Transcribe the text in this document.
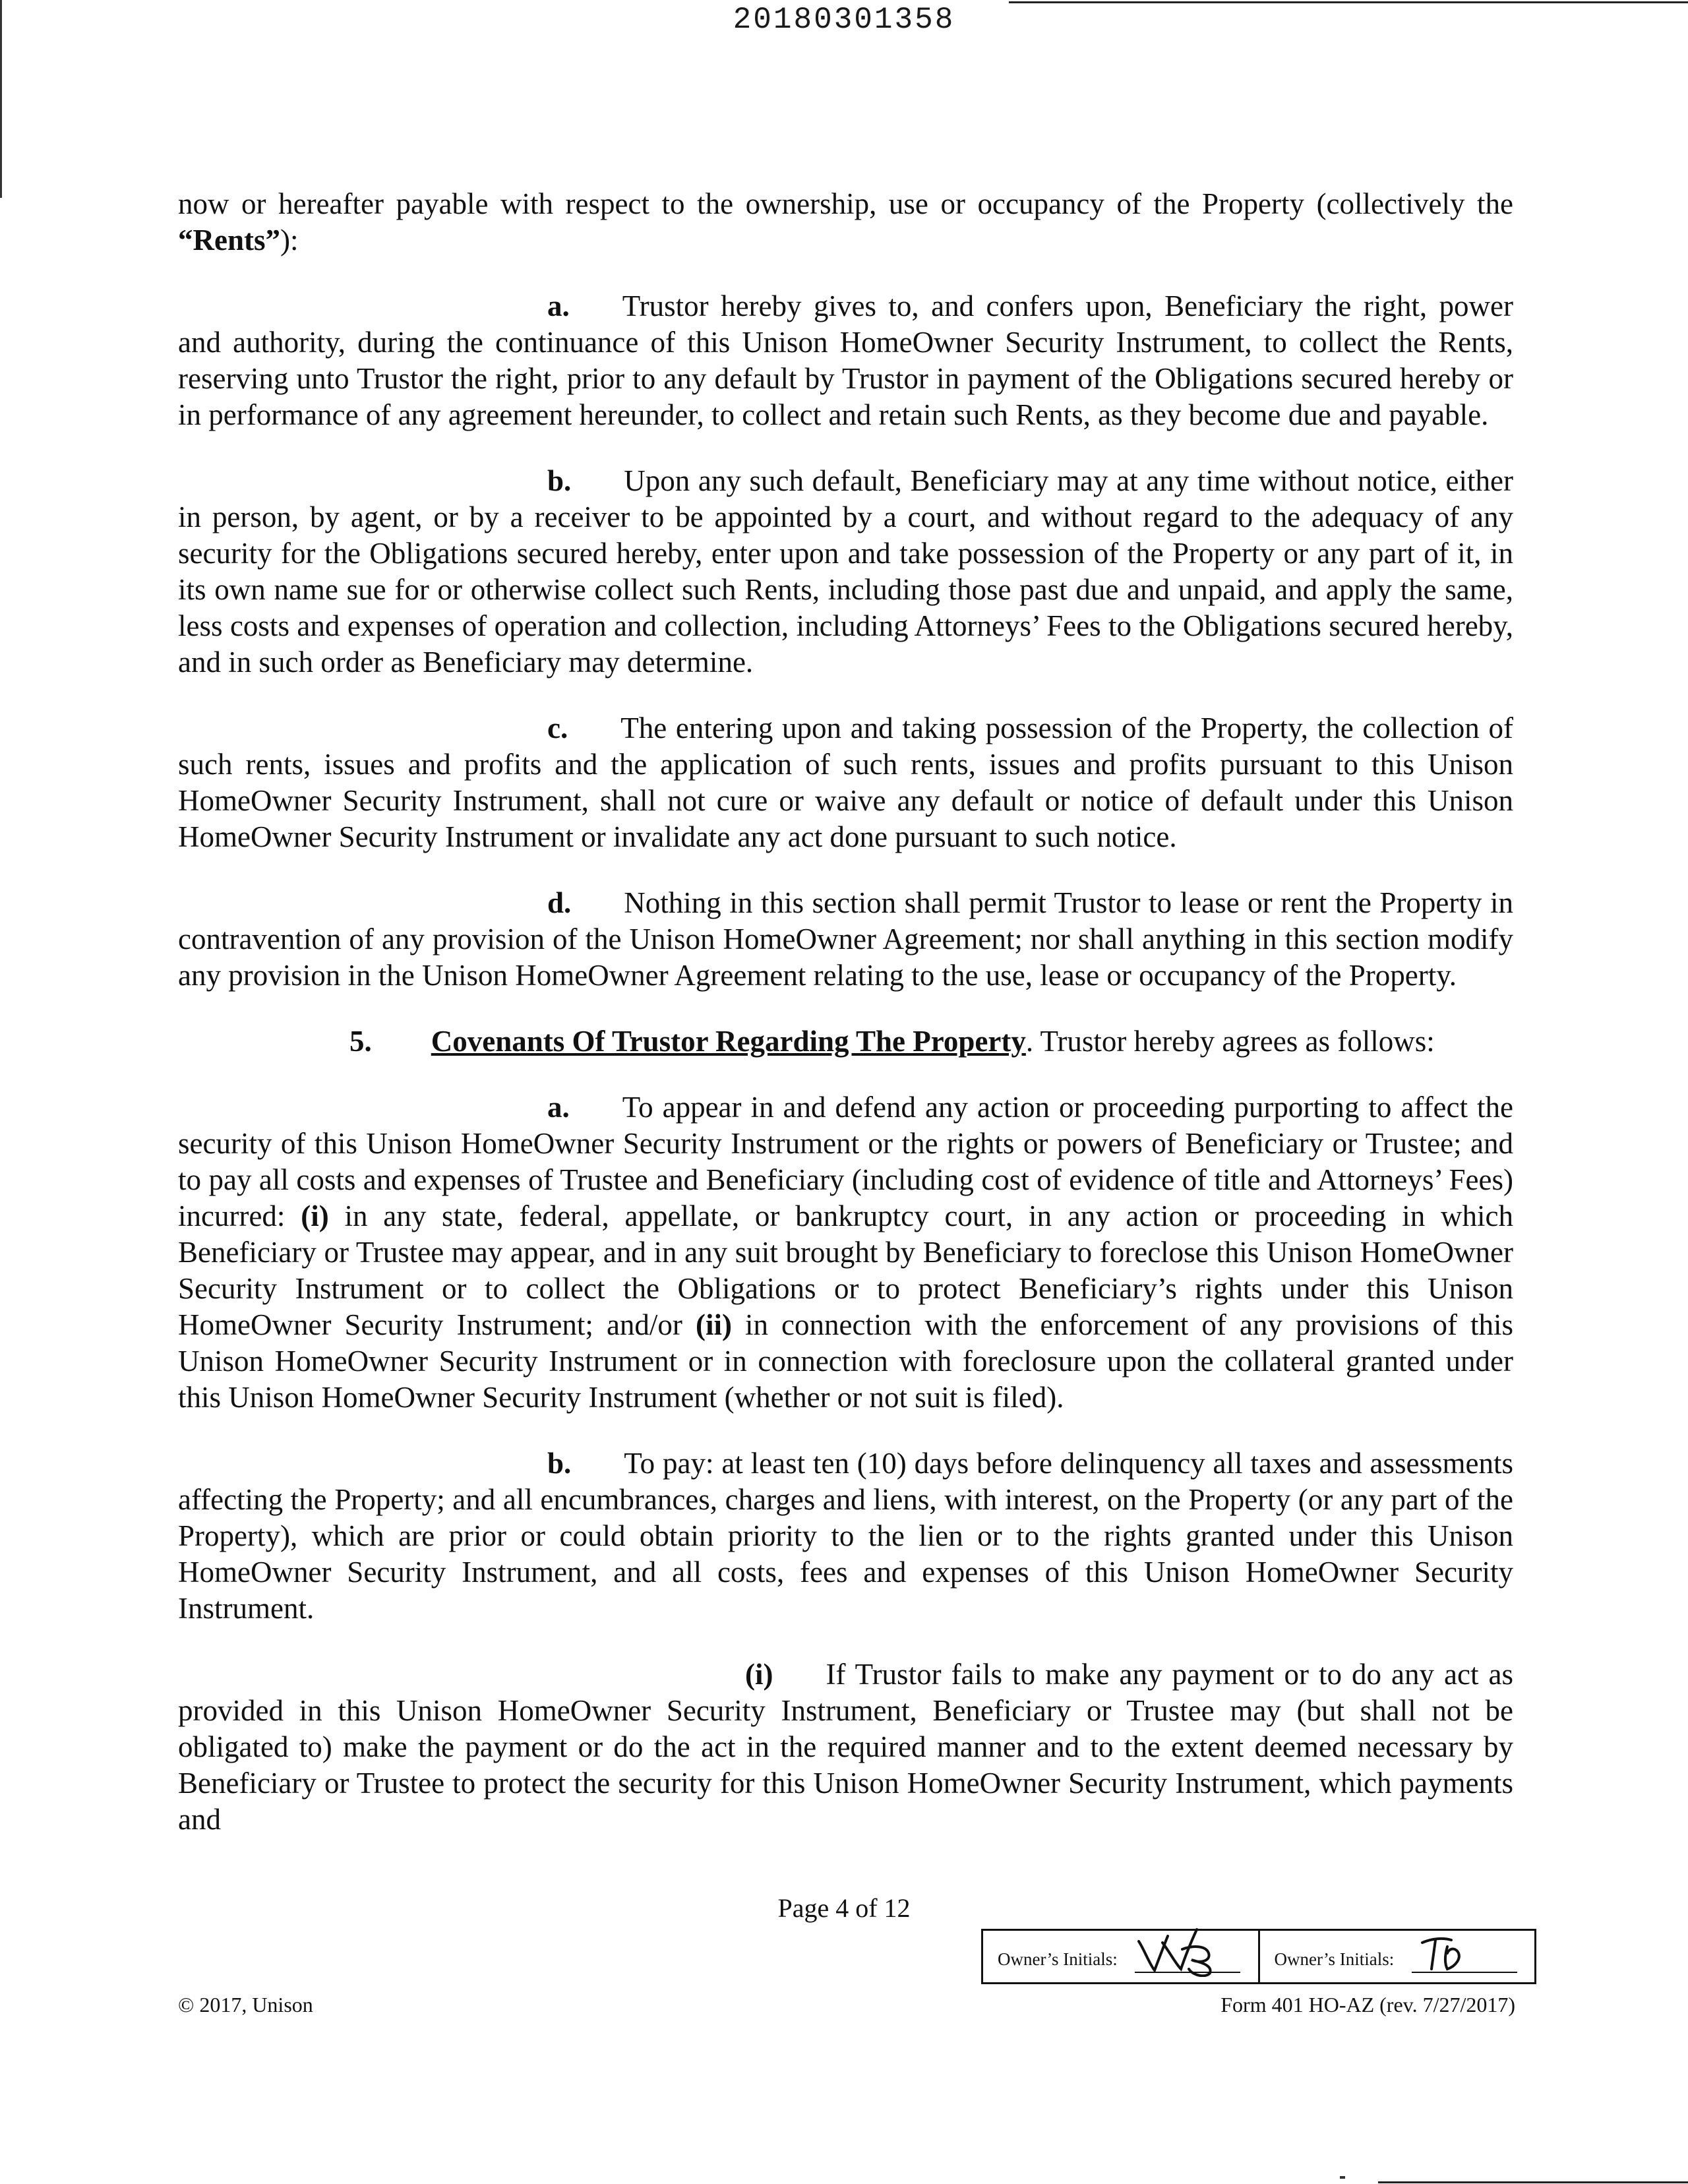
20180301358

now or hereafter payable with respect to the ownership, use or occupancy of the Property (collectively the “Rents”):

a. Trustor hereby gives to, and confers upon, Beneficiary the right, power and authority, during the continuance of this Unison HomeOwner Security Instrument, to collect the Rents, reserving unto Trustor the right, prior to any default by Trustor in payment of the Obligations secured hereby or in performance of any agreement hereunder, to collect and retain such Rents, as they become due and payable.

b. Upon any such default, Beneficiary may at any time without notice, either in person, by agent, or by a receiver to be appointed by a court, and without regard to the adequacy of any security for the Obligations secured hereby, enter upon and take possession of the Property or any part of it, in its own name sue for or otherwise collect such Rents, including those past due and unpaid, and apply the same, less costs and expenses of operation and collection, including Attorneys’ Fees to the Obligations secured hereby, and in such order as Beneficiary may determine.

c. The entering upon and taking possession of the Property, the collection of such rents, issues and profits and the application of such rents, issues and profits pursuant to this Unison HomeOwner Security Instrument, shall not cure or waive any default or notice of default under this Unison HomeOwner Security Instrument or invalidate any act done pursuant to such notice.

d. Nothing in this section shall permit Trustor to lease or rent the Property in contravention of any provision of the Unison HomeOwner Agreement; nor shall anything in this section modify any provision in the Unison HomeOwner Agreement relating to the use, lease or occupancy of the Property.

5. Covenants Of Trustor Regarding The Property. Trustor hereby agrees as follows:

a. To appear in and defend any action or proceeding purporting to affect the security of this Unison HomeOwner Security Instrument or the rights or powers of Beneficiary or Trustee; and to pay all costs and expenses of Trustee and Beneficiary (including cost of evidence of title and Attorneys’ Fees) incurred: (i) in any state, federal, appellate, or bankruptcy court, in any action or proceeding in which Beneficiary or Trustee may appear, and in any suit brought by Beneficiary to foreclose this Unison HomeOwner Security Instrument or to collect the Obligations or to protect Beneficiary’s rights under this Unison HomeOwner Security Instrument; and/or (ii) in connection with the enforcement of any provisions of this Unison HomeOwner Security Instrument or in connection with foreclosure upon the collateral granted under this Unison HomeOwner Security Instrument (whether or not suit is filed).

b. To pay: at least ten (10) days before delinquency all taxes and assessments affecting the Property; and all encumbrances, charges and liens, with interest, on the Property (or any part of the Property), which are prior or could obtain priority to the lien or to the rights granted under this Unison HomeOwner Security Instrument, and all costs, fees and expenses of this Unison HomeOwner Security Instrument.

(i) If Trustor fails to make any payment or to do any act as provided in this Unison HomeOwner Security Instrument, Beneficiary or Trustee may (but shall not be obligated to) make the payment or do the act in the required manner and to the extent deemed necessary by Beneficiary or Trustee to protect the security for this Unison HomeOwner Security Instrument, which payments and

Page 4 of 12
Owner’s Initials:	Owner’s Initials:
© 2017, Unison	Form 401 HO-AZ (rev. 7/27/2017)
